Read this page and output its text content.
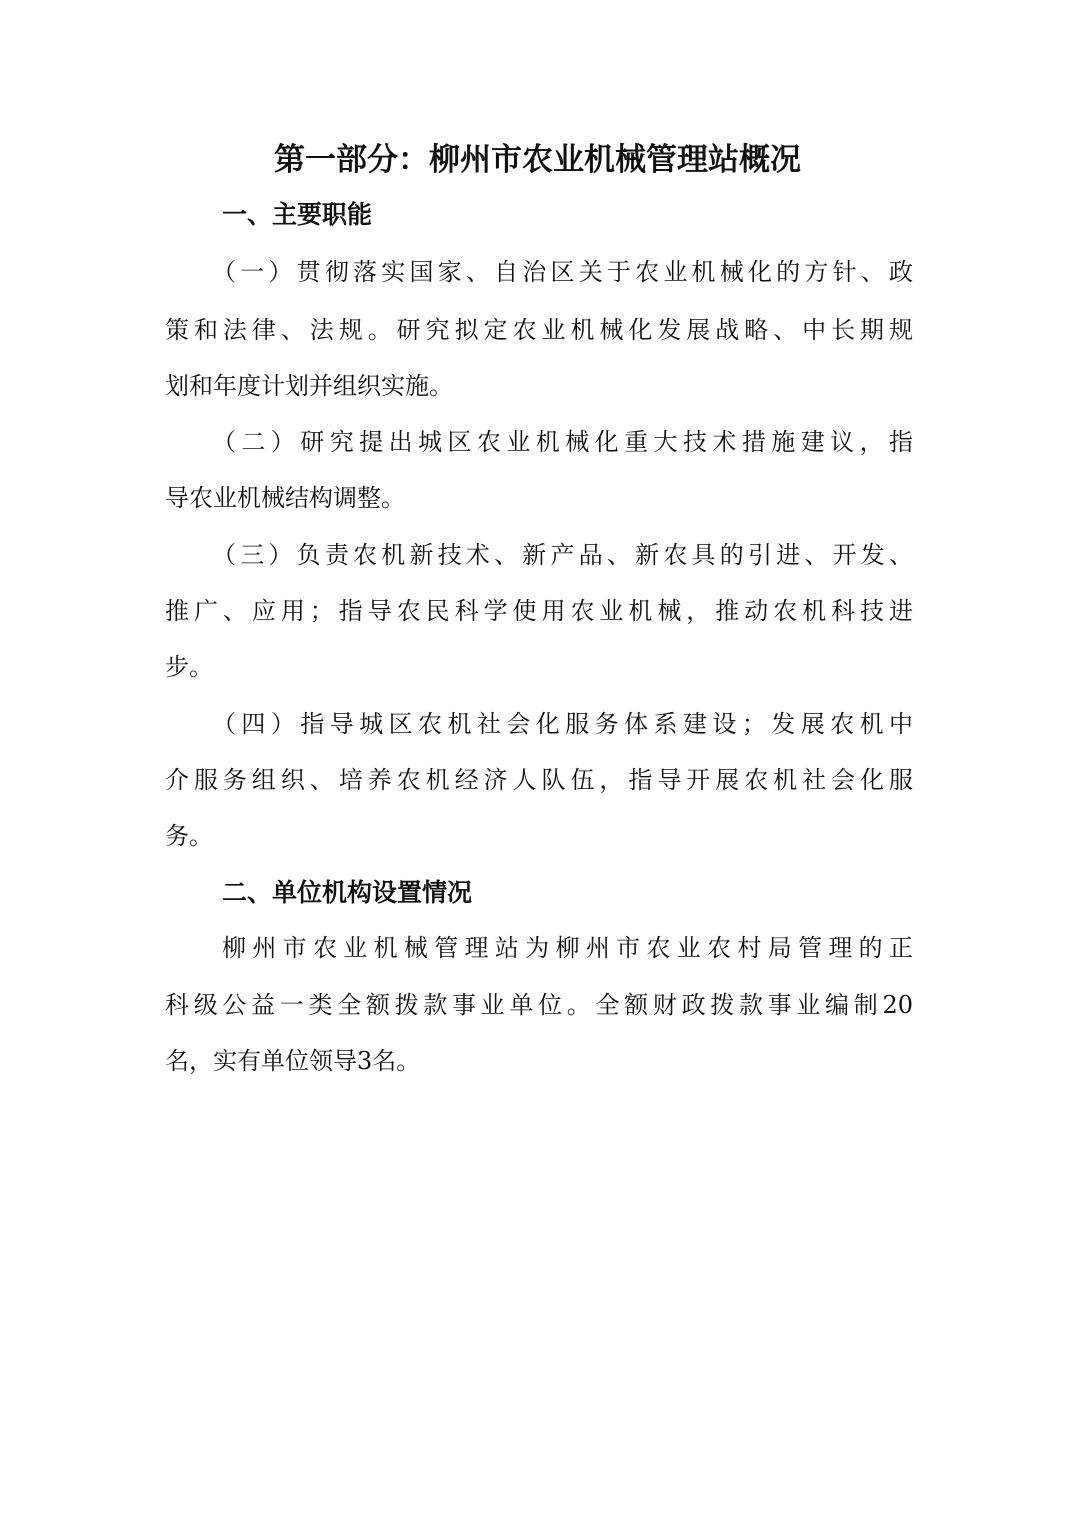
第一部分：柳州市农业机械管理站概况
一、主要职能
（一）贯彻落实国家、自治区关于农业机械化的方针、政
策和法律、法规。研究拟定农业机械化发展战略、中长期规
划和年度计划并组织实施。
（二）研究提出城区农业机械化重大技术措施建议，指
导农业机械结构调整。
（三）负责农机新技术、新产品、新农具的引进、开发、
推广、应用；指导农民科学使用农业机械，推动农机科技进
步。
（四）指导城区农机社会化服务体系建设；发展农机中
介服务组织、培养农机经济人队伍，指导开展农机社会化服
务。
二、单位机构设置情况
柳州市农业机械管理站为柳州市农业农村局管理的正
科级公益一类全额拨款事业单位。全额财政拨款事业编制20
名，实有单位领导3名。
